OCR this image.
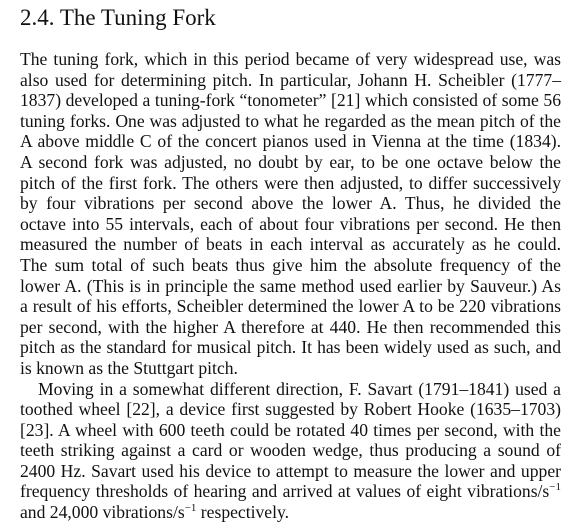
2.4. The Tuning Fork
The tuning fork, which in this period became of very widespread use, was
also used for determining pitch. In particular, Johann H. Scheibler (1777–
1837) developed a tuning-fork “tonometer” [21] which consisted of some 56
tuning forks. One was adjusted to what he regarded as the mean pitch of the
A above middle C of the concert pianos used in Vienna at the time (1834).
A second fork was adjusted, no doubt by ear, to be one octave below the
pitch of the first fork. The others were then adjusted, to differ successively
by four vibrations per second above the lower A. Thus, he divided the
octave into 55 intervals, each of about four vibrations per second. He then
measured the number of beats in each interval as accurately as he could.
The sum total of such beats thus give him the absolute frequency of the
lower A. (This is in principle the same method used earlier by Sauveur.) As
a result of his efforts, Scheibler determined the lower A to be 220 vibrations
per second, with the higher A therefore at 440. He then recommended this
pitch as the standard for musical pitch. It has been widely used as such, and
is known as the Stuttgart pitch.
Moving in a somewhat different direction, F. Savart (1791–1841) used a
toothed wheel [22], a device first suggested by Robert Hooke (1635–1703)
[23]. A wheel with 600 teeth could be rotated 40 times per second, with the
teeth striking against a card or wooden wedge, thus producing a sound of
2400 Hz. Savart used his device to attempt to measure the lower and upper
frequency thresholds of hearing and arrived at values of eight vibrations/$s^{-1}$
and 24,000 vibrations/$s^{-1}$ respectively.
